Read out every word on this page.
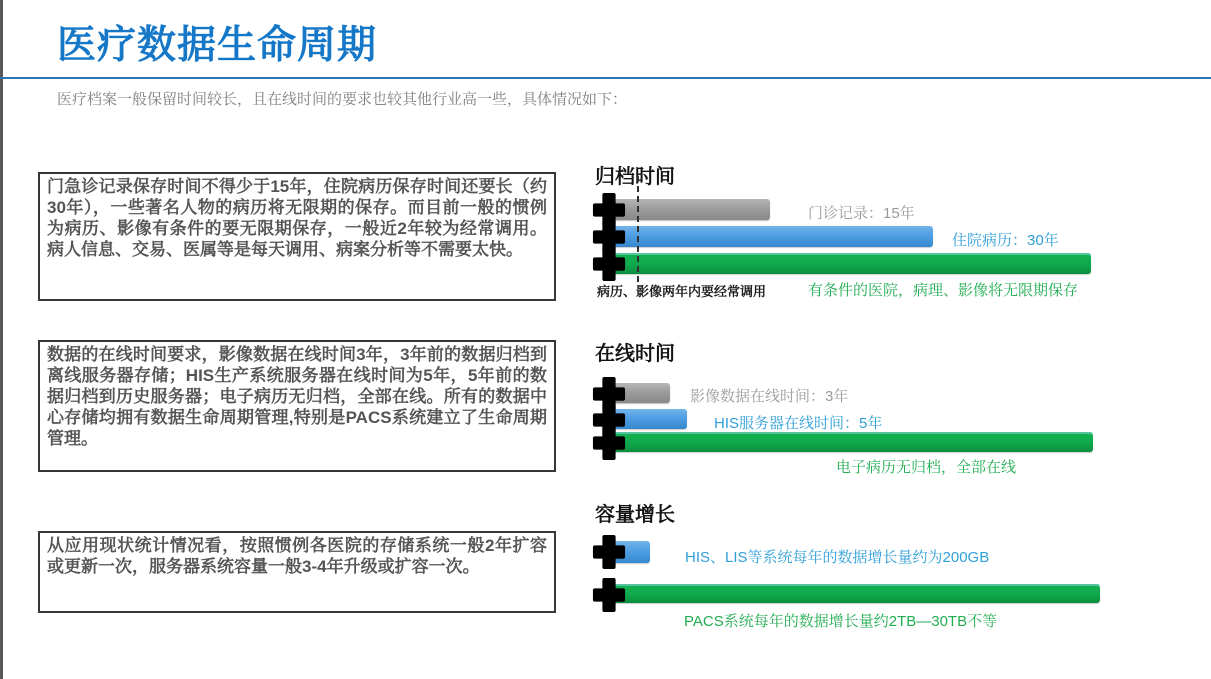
医疗数据生命周期

医疗档案一般保留时间较长，且在线时间的要求也较其他行业高一些，具体情况如下：

门急诊记录保存时间不得少于15年，住院病历保存时间还要长（约30年），一些著名人物的病历将无限期的保存。而目前一般的惯例为病历、影像有条件的要无限期保存，一般近2年较为经常调用。病人信息、交易、医属等是每天调用、病案分析等不需要太快。
数据的在线时间要求，影像数据在线时间3年，3年前的数据归档到离线服务器存储；HIS生产系统服务器在线时间为5年，5年前的数据归档到历史服务器；电子病历无归档，全部在线。所有的数据中心存储均拥有数据生命周期管理,特别是PACS系统建立了生命周期管理。
从应用现状统计情况看，按照惯例各医院的存储系统一般2年扩容或更新一次，服务器系统容量一般3-4年升级或扩容一次。
归档时间
门诊记录：15年
住院病历：30年
有条件的医院，病理、影像将无限期保存
病历、影像两年内要经常调用
在线时间
影像数据在线时间：3年
HIS服务器在线时间：5年
电子病历无归档，全部在线
容量增长
HIS、LIS等系统每年的数据增长量约为200GB
PACS系统每年的数据增长量约2TB—30TB不等
